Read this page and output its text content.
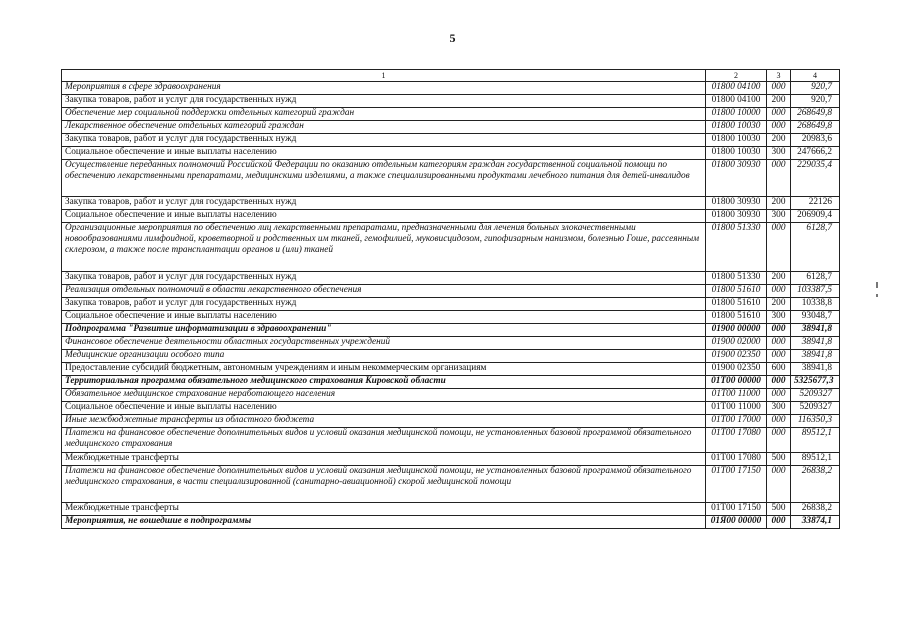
5
1	2	3	4
Мероприятия в сфере здравоохранения	01800 04100	000	920,7
Закупка товаров, работ и услуг для государственных нужд	01800 04100	200	920,7
Обеспечение мер социальной поддержки отдельных категорий граждан	01800 10000	000	268649,8
Лекарственное обеспечение отдельных категорий граждан	01800 10030	000	268649,8
Закупка товаров, работ и услуг для государственных нужд	01800 10030	200	20983,6
Социальное обеспечение и иные выплаты населению	01800 10030	300	247666,2
Осуществление переданных полномочий Российской Федерации по оказанию отдельным категориям граждан государственной социальной помощи по обеспечению лекарственными препаратами, медицинскими изделиями, а также специализированными продуктами лечебного питания для детей-инвалидов	01800 30930	000	229035,4
Закупка товаров, работ и услуг для государственных нужд	01800 30930	200	22126
Социальное обеспечение и иные выплаты населению	01800 30930	300	206909,4
Организационные мероприятия по обеспечению лиц лекарственными препаратами, предназначенными для лечения больных злокачественными новообразованиями лимфоидной, кроветворной и родственных им тканей, гемофилией, муковисцидозом, гипофизарным нанизмом, болезнью Гоше, рассеянным склерозом, а также после трансплантации органов и (или) тканей	01800 51330	000	6128,7
Закупка товаров, работ и услуг для государственных нужд	01800 51330	200	6128,7
Реализация отдельных полномочий в области лекарственного обеспечения	01800 51610	000	103387,5
Закупка товаров, работ и услуг для государственных нужд	01800 51610	200	10338,8
Социальное обеспечение и иные выплаты населению	01800 51610	300	93048,7
Подпрограмма "Развитие информатизации в здравоохранении"	01900 00000	000	38941,8
Финансовое обеспечение деятельности областных государственных учреждений	01900 02000	000	38941,8
Медицинские организации особого типа	01900 02350	000	38941,8
Предоставление субсидий бюджетным, автономным учреждениям и иным некоммерческим организациям	01900 02350	600	38941,8
Территориальная программа обязательного медицинского страхования Кировской области	01Т00 00000	000	5325677,3
Обязательное медицинское страхование неработающего населения	01Т00 11000	000	5209327
Социальное обеспечение и иные выплаты населению	01Т00 11000	300	5209327
Иные межбюджетные трансферты из областного бюджета	01Т00 17000	000	116350,3
Платежи на финансовое обеспечение дополнительных видов и условий оказания медицинской помощи, не установленных базовой программой обязательного медицинского страхования	01Т00 17080	000	89512,1
Межбюджетные трансферты	01Т00 17080	500	89512,1
Платежи на финансовое обеспечение дополнительных видов и условий оказания медицинской помощи, не установленных базовой программой обязательного медицинского страхования, в части специализированной (санитарно-авиационной) скорой медицинской помощи	01Т00 17150	000	26838,2
Межбюджетные трансферты	01Т00 17150	500	26838,2
Мероприятия, не вошедшие в подпрограммы	01Я00 00000	000	33874,1
